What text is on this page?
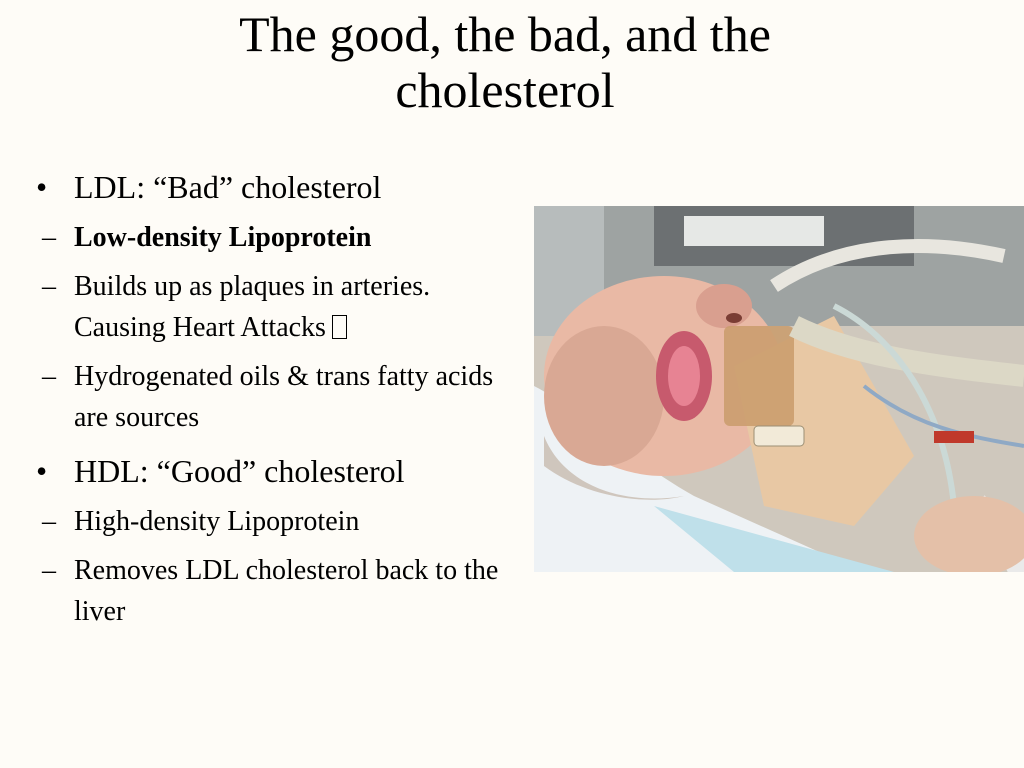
The good, the bad, and the
cholesterol
• LDL: “Bad” cholesterol
– Low-density Lipoprotein
– Builds up as plaques in arteries. Causing Heart Attacks
– Hydrogenated oils & trans fatty acids are sources
• HDL: “Good” cholesterol
– High-density Lipoprotein
– Removes LDL cholesterol back to the liver
